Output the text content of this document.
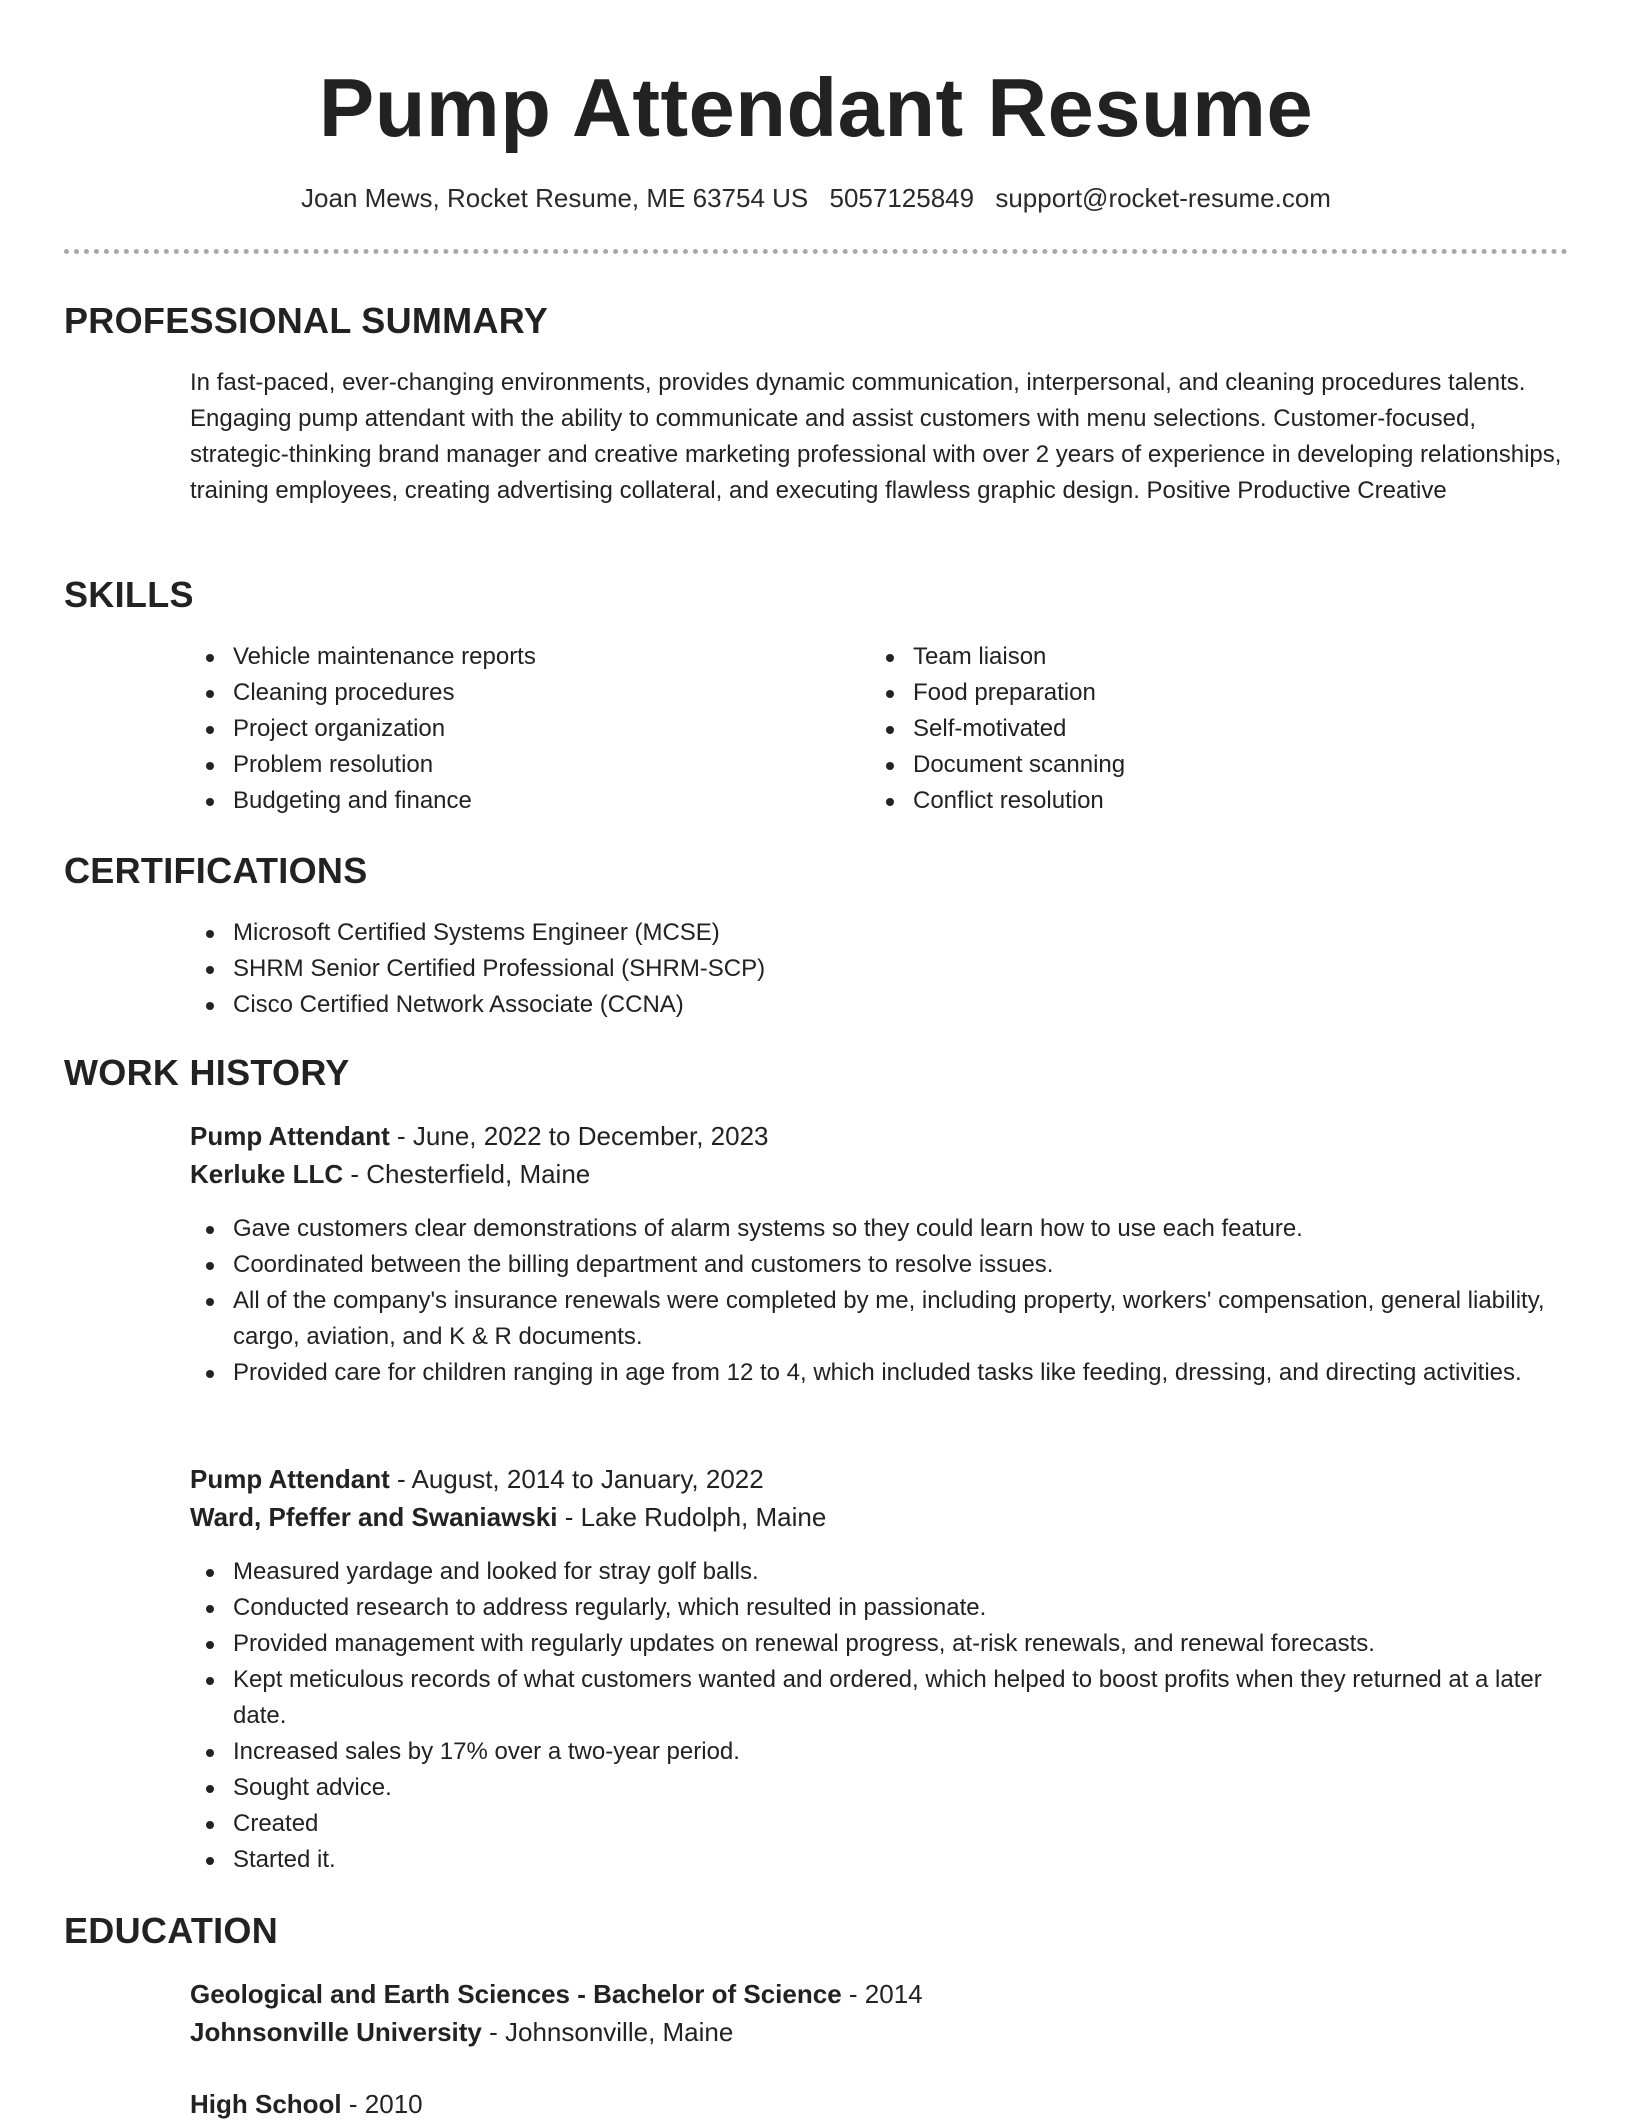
Pump Attendant Resume
Joan Mews, Rocket Resume, ME 63754 US 5057125849 support@rocket-resume.com
PROFESSIONAL SUMMARY
In fast-paced, ever-changing environments, provides dynamic communication, interpersonal, and cleaning procedures talents. Engaging pump attendant with the ability to communicate and assist customers with menu selections. Customer-focused, strategic-thinking brand manager and creative marketing professional with over 2 years of experience in developing relationships, training employees, creating advertising collateral, and executing flawless graphic design. Positive Productive Creative
SKILLS
Vehicle maintenance reports
Cleaning procedures
Project organization
Problem resolution
Budgeting and finance
Team liaison
Food preparation
Self-motivated
Document scanning
Conflict resolution
CERTIFICATIONS
Microsoft Certified Systems Engineer (MCSE)
SHRM Senior Certified Professional (SHRM-SCP)
Cisco Certified Network Associate (CCNA)
WORK HISTORY
Pump Attendant - June, 2022 to December, 2023
Kerluke LLC - Chesterfield, Maine
Gave customers clear demonstrations of alarm systems so they could learn how to use each feature.
Coordinated between the billing department and customers to resolve issues.
All of the company's insurance renewals were completed by me, including property, workers' compensation, general liability, cargo, aviation, and K & R documents.
Provided care for children ranging in age from 12 to 4, which included tasks like feeding, dressing, and directing activities.
Pump Attendant - August, 2014 to January, 2022
Ward, Pfeffer and Swaniawski - Lake Rudolph, Maine
Measured yardage and looked for stray golf balls.
Conducted research to address regularly, which resulted in passionate.
Provided management with regularly updates on renewal progress, at-risk renewals, and renewal forecasts.
Kept meticulous records of what customers wanted and ordered, which helped to boost profits when they returned at a later date.
Increased sales by 17% over a two-year period.
Sought advice.
Created
Started it.
EDUCATION
Geological and Earth Sciences - Bachelor of Science - 2014
Johnsonville University - Johnsonville, Maine
High School - 2010
